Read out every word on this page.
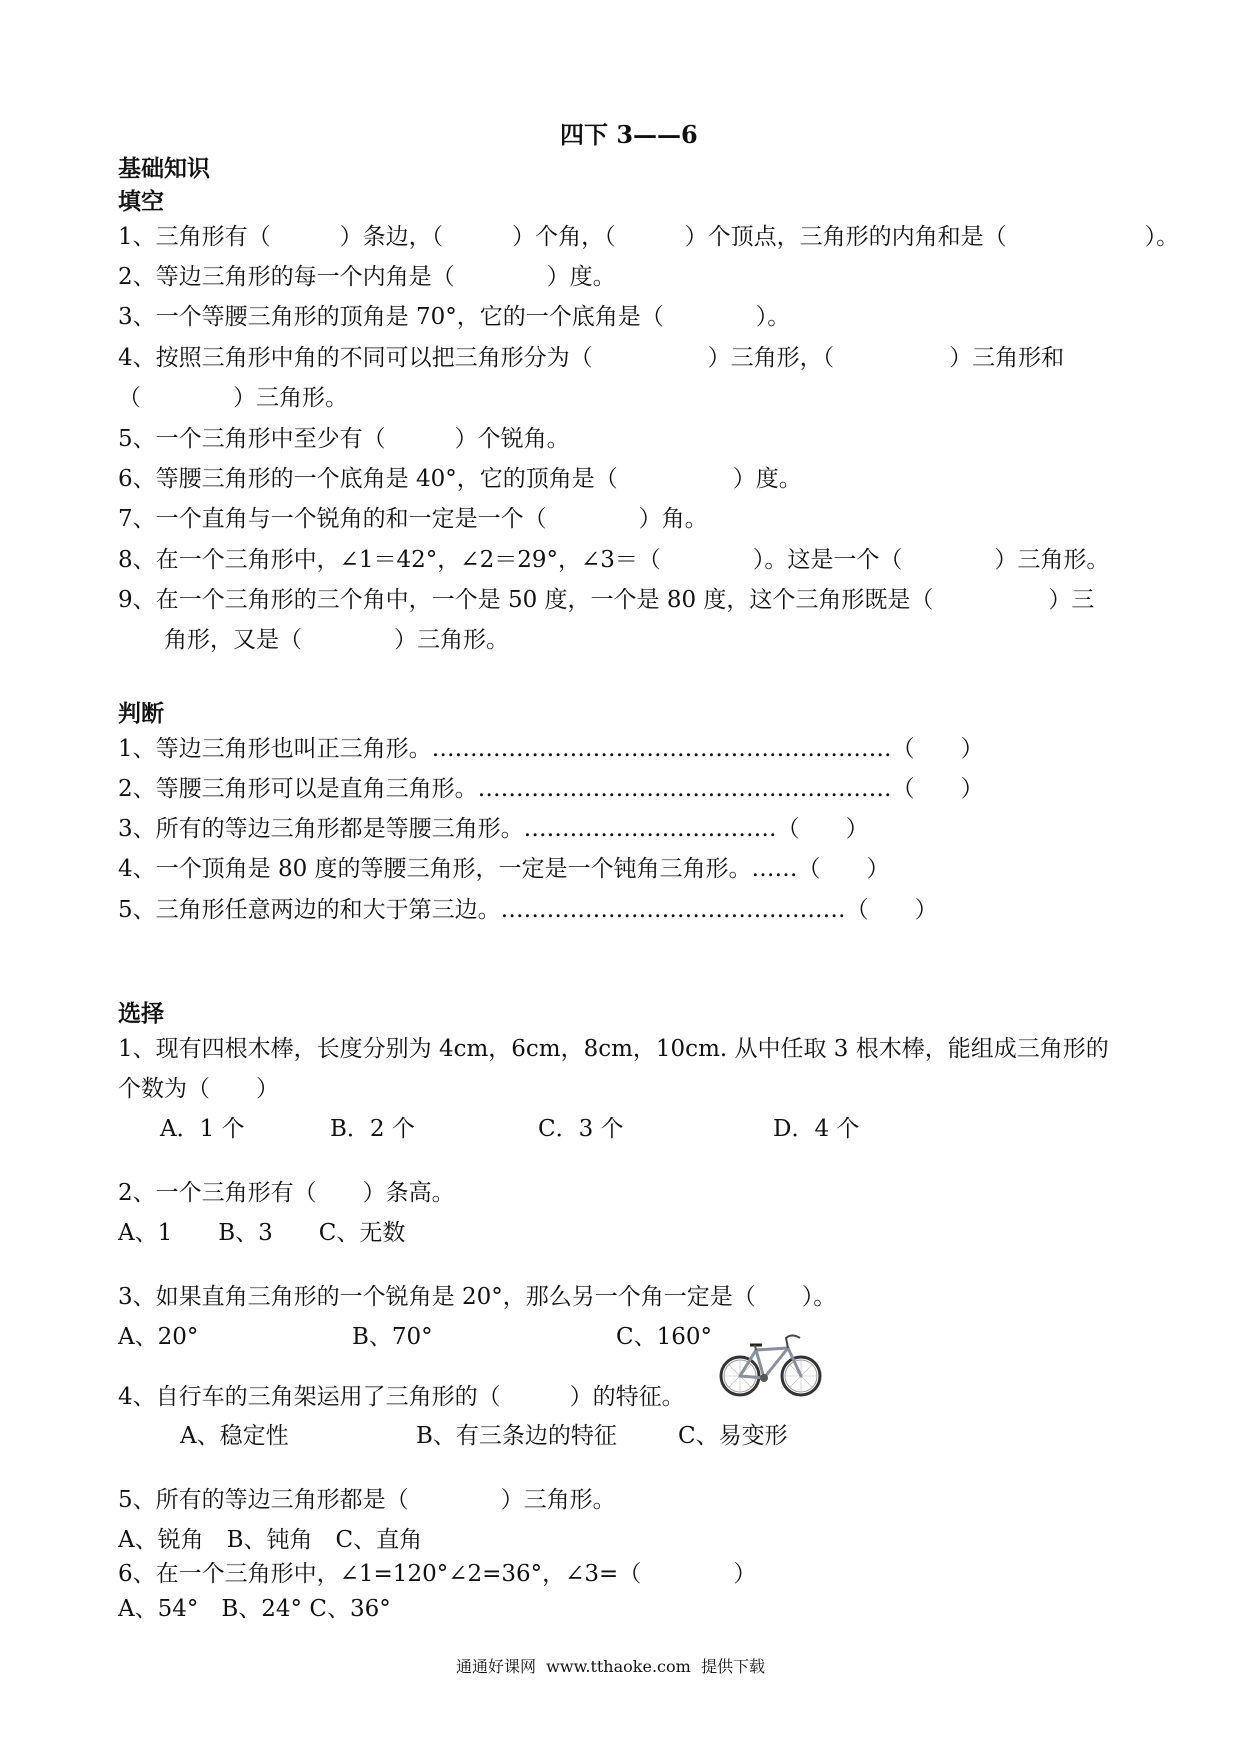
四下 3——6
基础知识
填空
1、三角形有（　　　）条边，（　　　）个角，（　　　）个顶点，三角形的内角和是（　　　　　　）。
2、等边三角形的每一个内角是（　　　　）度。
3、一个等腰三角形的顶角是 70°，它的一个底角是（　　　　）。
4、按照三角形中角的不同可以把三角形分为（　　　　　）三角形，（　　　　　）三角形和
（　　　　）三角形。
5、一个三角形中至少有（　　　）个锐角。
6、等腰三角形的一个底角是 40°，它的顶角是（　　　　　）度。
7、一个直角与一个锐角的和一定是一个（　　　　）角。
8、在一个三角形中，∠1＝42°，∠2＝29°，∠3＝（　　　　）。这是一个（　　　　）三角形。
9、在一个三角形的三个角中，一个是 50 度，一个是 80 度，这个三角形既是（　　　　　）三
角形，又是（　　　　）三角形。
判断
1、等边三角形也叫正三角形。……………………………………………………（　　）
2、等腰三角形可以是直角三角形。………………………………………………（　　）
3、所有的等边三角形都是等腰三角形。……………………………（　　）
4、一个顶角是 80 度的等腰三角形，一定是一个钝角三角形。……（　　）
5、三角形任意两边的和大于第三边。………………………………………（　　）
选择
1、现有四根木棒，长度分别为 4cm，6cm，8cm，10cm. 从中任取 3 根木棒，能组成三角形的
个数为（　　）
A．1 个	B．2 个	C．3 个	D．4 个
2、一个三角形有（　　）条高。
A、1　　B、3　　C、无数
3、如果直角三角形的一个锐角是 20°，那么另一个角一定是（　　）。
A、20°	B、70°	C、160°
4、自行车的三角架运用了三角形的（　　　）的特征。
A、稳定性	B、有三条边的特征	C、易变形
5、所有的等边三角形都是（　　　　）三角形。
A、锐角　B、钝角　C、直角
6、在一个三角形中，∠1=120°∠2=36°，∠3=（　　　　）
A、54°　B、24° C、36°
通通好课网  www.tthaoke.com  提供下载
